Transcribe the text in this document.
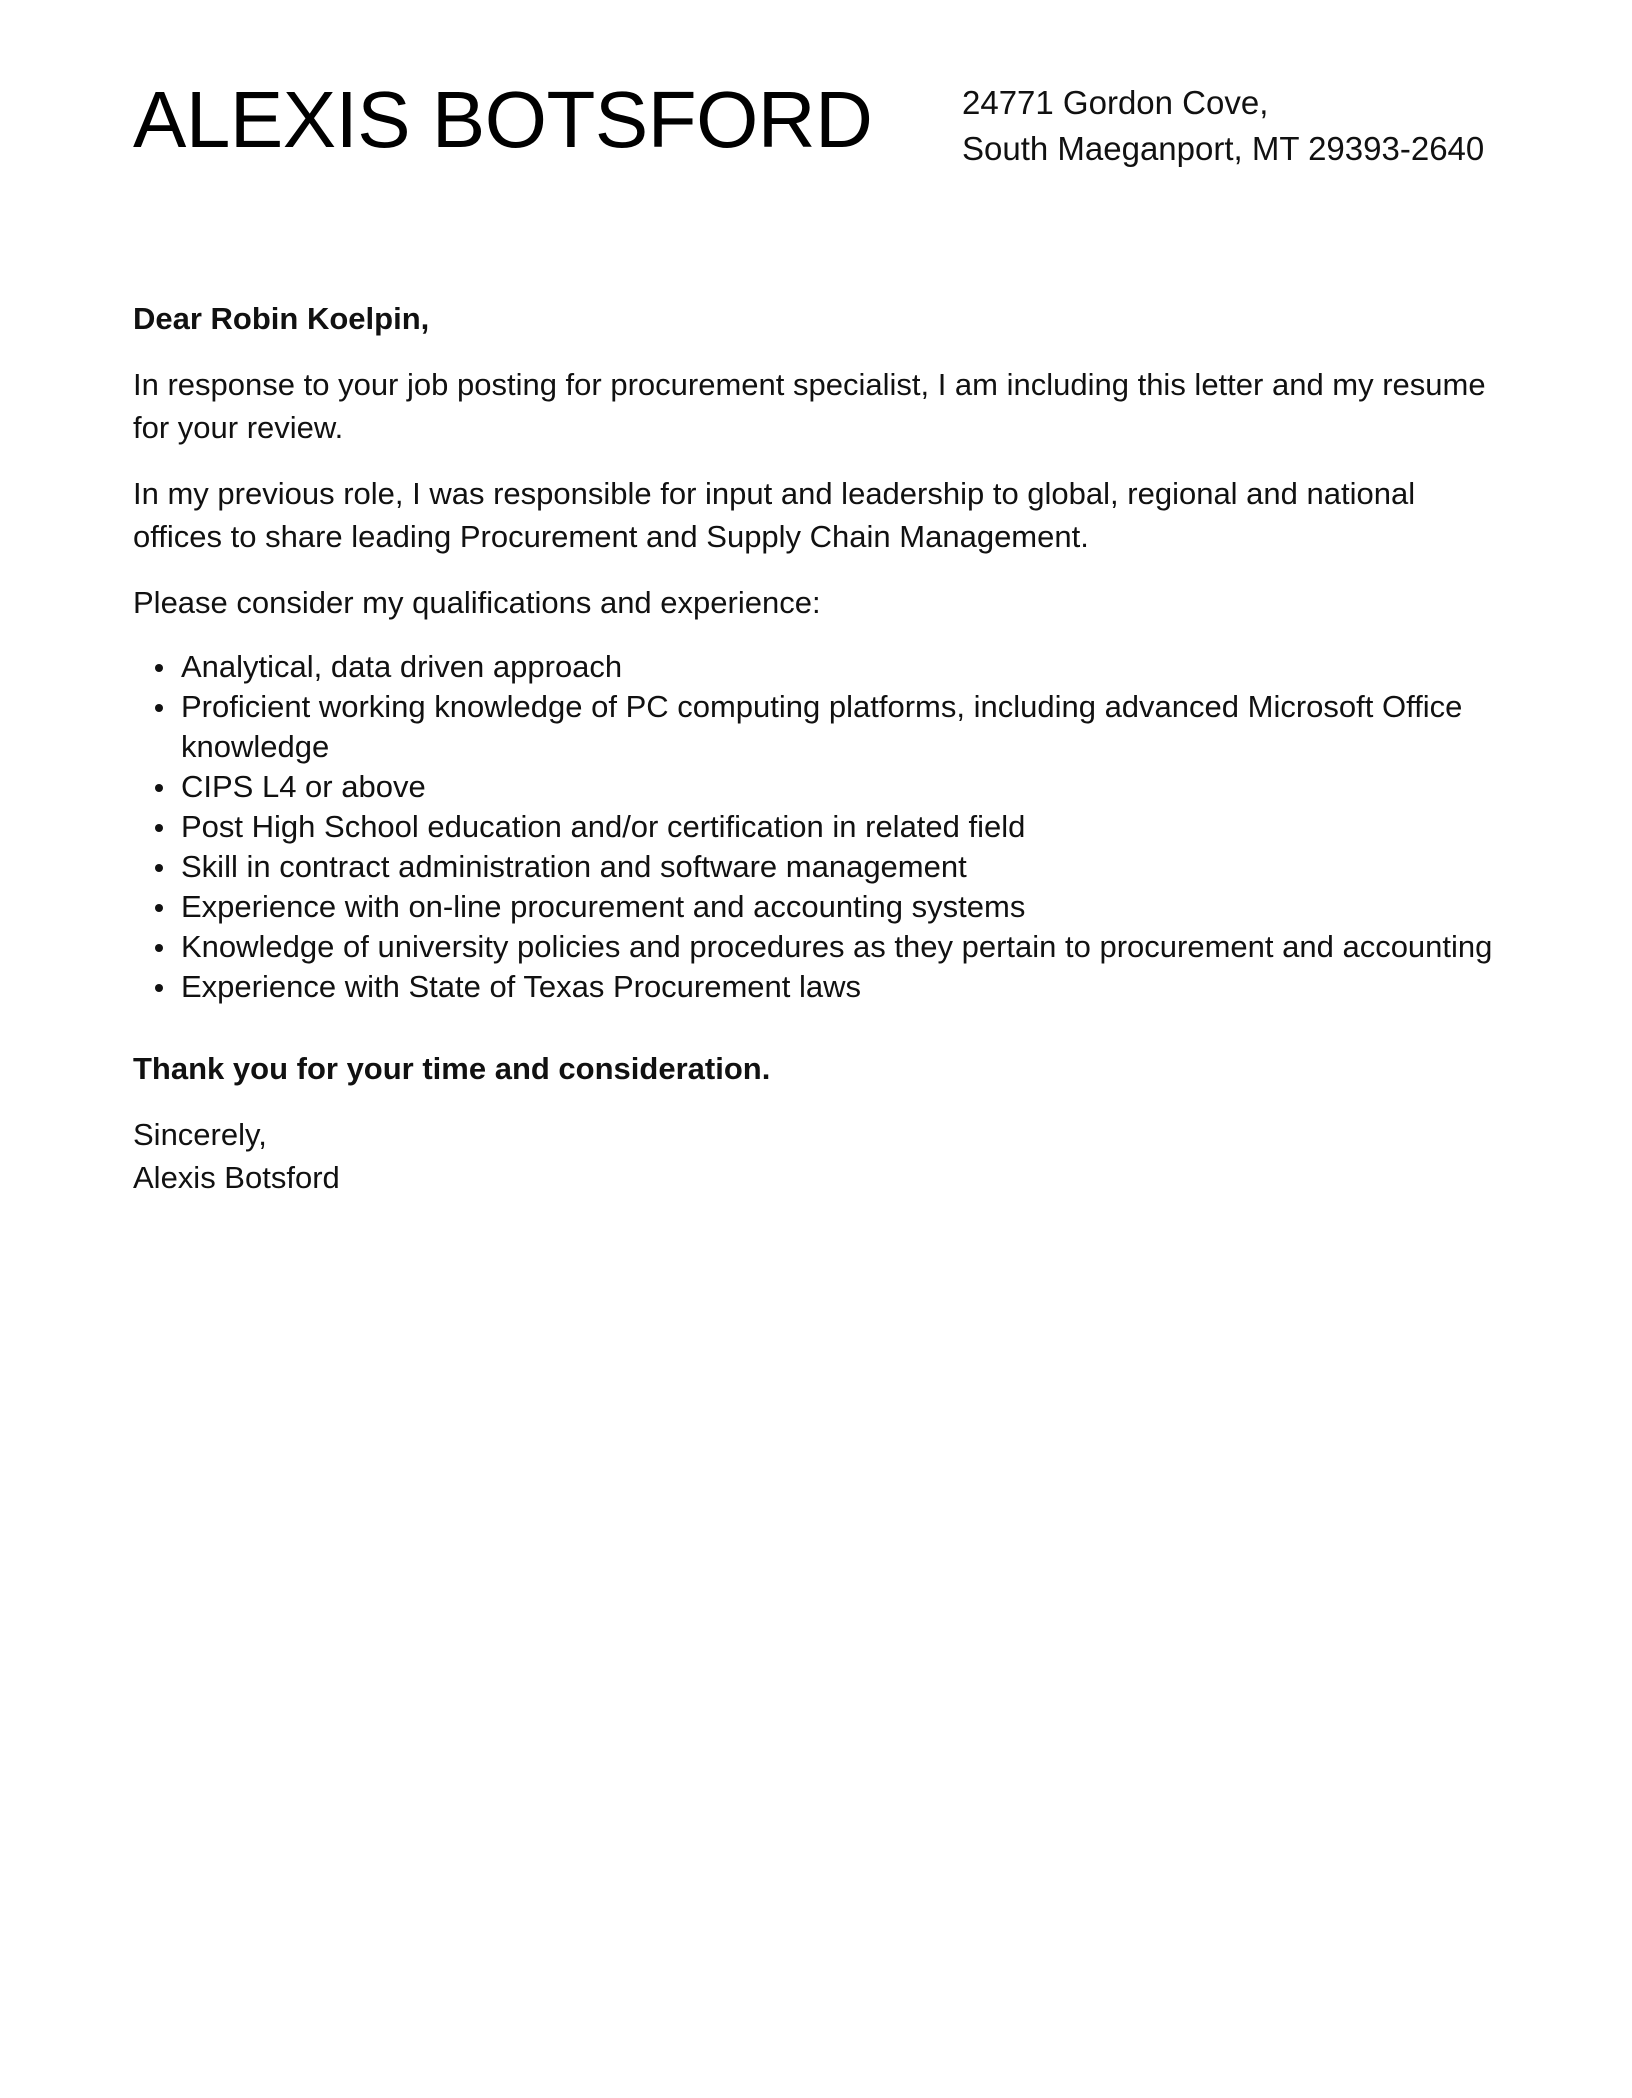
ALEXIS BOTSFORD	24771 Gordon Cove,
South Maeganport, MT 29393-2640

Dear Robin Koelpin,

In response to your job posting for procurement specialist, I am including this letter and my resume for your review.

In my previous role, I was responsible for input and leadership to global, regional and national offices to share leading Procurement and Supply Chain Management.

Please consider my qualifications and experience:

Analytical, data driven approach
Proficient working knowledge of PC computing platforms, including advanced Microsoft Office knowledge
CIPS L4 or above
Post High School education and/or certification in related field
Skill in contract administration and software management
Experience with on-line procurement and accounting systems
Knowledge of university policies and procedures as they pertain to procurement and accounting
Experience with State of Texas Procurement laws

Thank you for your time and consideration.

Sincerely,
Alexis Botsford
